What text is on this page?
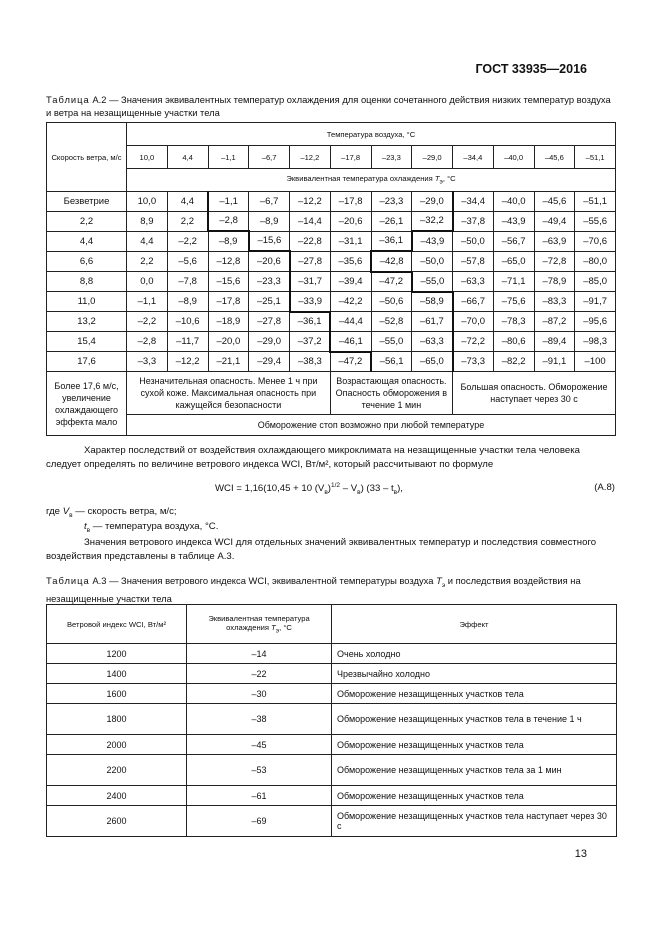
ГОСТ 33935—2016
Таблица А.2 — Значения эквивалентных температур охлаждения для оценки сочетанного действия низких температур воздуха и ветра на незащищенные участки тела
Скорость ветра, м/с	Температура воздуха, °С											
	10,0	4,4	–1,1	–6,7	–12,2	–17,8	–23,3	–29,0	–34,4	–40,0	–45,6	–51,1
	Эквивалентная температура охлаждения $T_э$, °С											
Безветрие	10,0	4,4	–1,1	–6,7	–12,2	–17,8	–23,3	–29,0	–34,4	–40,0	–45,6	–51,1
2,2	8,9	2,2	–2,8	–8,9	–14,4	–20,6	–26,1	–32,2	–37,8	–43,9	–49,4	–55,6
4,4	4,4	–2,2	–8,9	–15,6	–22,8	–31,1	–36,1	–43,9	–50,0	–56,7	–63,9	–70,6
6,6	2,2	–5,6	–12,8	–20,6	–27,8	–35,6	–42,8	–50,0	–57,8	–65,0	–72,8	–80,0
8,8	0,0	–7,8	–15,6	–23,3	–31,7	–39,4	–47,2	–55,0	–63,3	–71,1	–78,9	–85,0
11,0	–1,1	–8,9	–17,8	–25,1	–33,9	–42,2	–50,6	–58,9	–66,7	–75,6	–83,3	–91,7
13,2	–2,2	–10,6	–18,9	–27,8	–36,1	–44,4	–52,8	–61,7	–70,0	–78,3	–87,2	–95,6
15,4	–2,8	–11,7	–20,0	–29,0	–37,2	–46,1	–55,0	–63,3	–72,2	–80,6	–89,4	–98,3
17,6	–3,3	–12,2	–21,1	–29,4	–38,3	–47,2	–56,1	–65,0	–73,3	–82,2	–91,1	–100
Более 17,6 м/с, увеличение охлаждающего эффекта мало	Незначительная опасность. Менее 1 ч при сухой коже. Максимальная опасность при кажущейся безопасности					Возрастающая опасность. Опасность обморожения в течение 1 мин			Большая опасность. Обморожение наступает через 30 с			
	Обморожение стоп возможно при любой температуре											
Характер последствий от воздействия охлаждающего микроклимата на незащищенные участки тела человека следует определять по величине ветрового индекса WCI, Вт/м², который рассчитывают по формуле
WCI = 1,16(10,45 + 10 $(V_в)^{1/2} - V_в$) $(33 - t_в)$,	(А.8)
где $V_в$ — скорость ветра, м/с;
$t_в$ — температура воздуха, °С.
Значения ветрового индекса WCI для отдельных значений эквивалентных температур и последствия совместного воздействия представлены в таблице А.3.
Таблица А.3 — Значения ветрового индекса WCI, эквивалентной температуры воздуха $T_э$ и последствия воздействия на незащищенные участки тела
Ветровой индекс WCI, Вт/м²	Эквивалентная температура охлаждения $T_э$, °С	Эффект
1200	–14	Очень холодно
1400	–22	Чрезвычайно холодно
1600	–30	Обморожение незащищенных участков тела
1800	–38	Обморожение незащищенных участков тела в течение 1 ч
2000	–45	Обморожение незащищенных участков тела
2200	–53	Обморожение незащищенных участков тела за 1 мин
2400	–61	Обморожение незащищенных участков тела
2600	–69	Обморожение незащищенных участков тела наступает через 30 с
13
